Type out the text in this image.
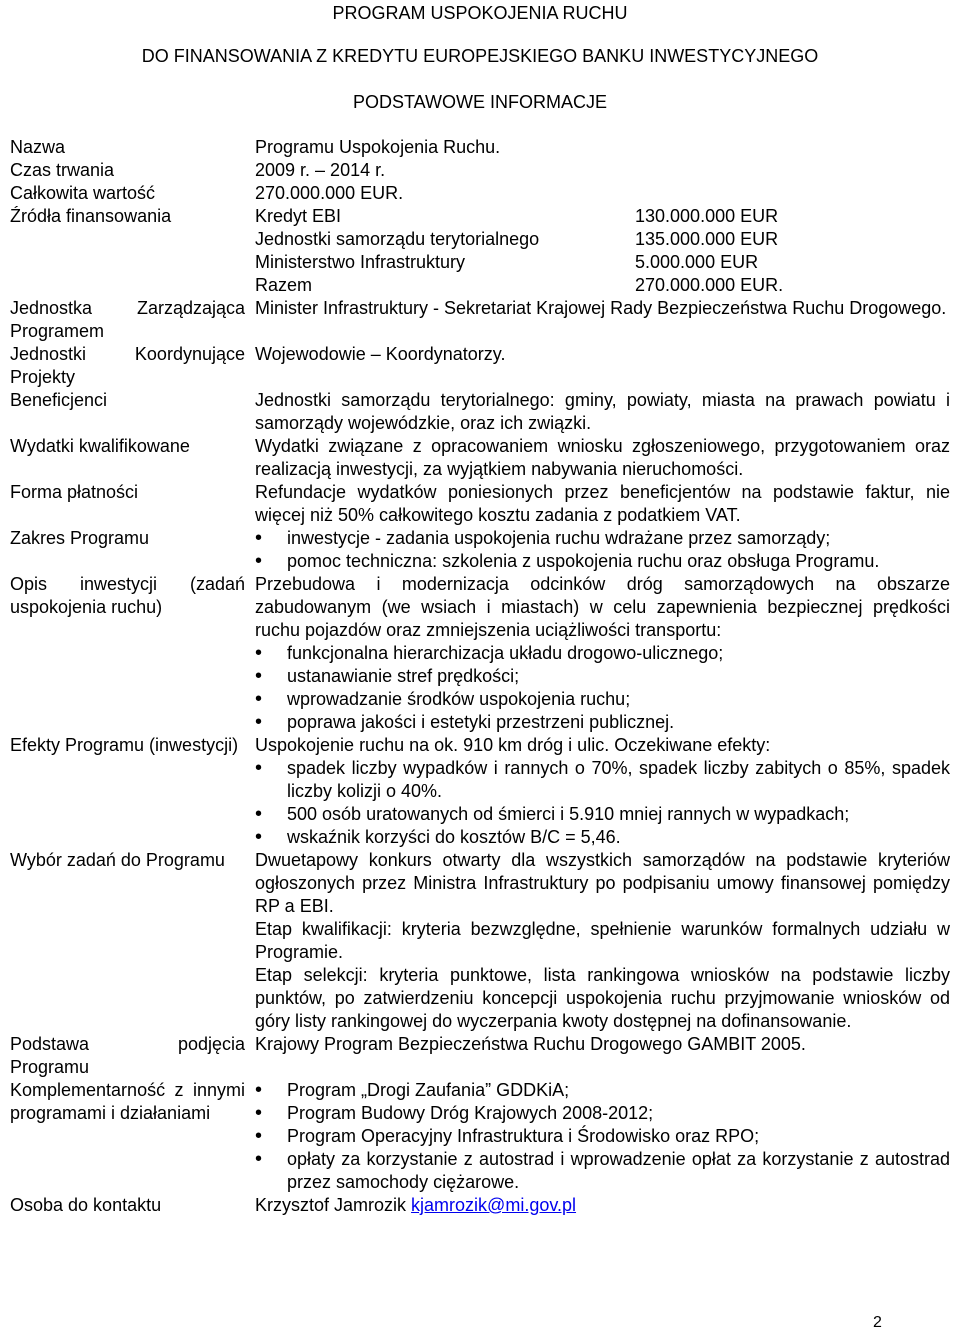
PROGRAM USPOKOJENIA RUCHU
DO FINANSOWANIA Z KREDYTU EUROPEJSKIEGO BANKU INWESTYCYJNEGO
PODSTAWOWE INFORMACJE
Nazwa	Programu Uspokojenia Ruchu.
Czas trwania	2009 r. – 2014 r.
Całkowita wartość	270.000.000 EUR.
Źródła finansowania	Kredyt EBI	130.000.000 EUR
Jednostki samorządu terytorialnego	135.000.000 EUR
Ministerstwo Infrastruktury	5.000.000 EUR
Razem	270.000.000 EUR.
Jednostka Zarządzająca Programem
Minister Infrastruktury - Sekretariat Krajowej Rady Bezpieczeństwa Ruchu Drogowego.
Jednostki Koordynujące Projekty
Wojewodowie – Koordynatorzy.
Beneficjenci	Jednostki samorządu terytorialnego: gminy, powiaty, miasta na prawach powiatu i samorządy wojewódzkie, oraz ich związki.
Wydatki kwalifikowane	Wydatki związane z opracowaniem wniosku zgłoszeniowego, przygotowaniem oraz realizacją inwestycji, za wyjątkiem nabywania nieruchomości.
Forma płatności	Refundacje wydatków poniesionych przez beneficjentów na podstawie faktur, nie więcej niż 50% całkowitego kosztu zadania z podatkiem VAT.
Zakres Programu
•	inwestycje - zadania uspokojenia ruchu wdrażane przez samorządy;
• pomoc techniczna: szkolenia z uspokojenia ruchu oraz obsługa Programu.
Opis inwestycji (zadań uspokojenia ruchu)
Przebudowa i modernizacja odcinków dróg samorządowych na obszarze zabudowanym (we wsiach i miastach) w celu zapewnienia bezpiecznej prędkości ruchu pojazdów oraz zmniejszenia uciążliwości transportu:
• funkcjonalna hierarchizacja układu drogowo-ulicznego;
• ustanawianie stref prędkości;
• wprowadzanie środków uspokojenia ruchu;
• poprawa jakości i estetyki przestrzeni publicznej.
Efekty Programu (inwestycji) Uspokojenie ruchu na ok. 910 km dróg i ulic. Oczekiwane efekty:
• spadek liczby wypadków i rannych o 70%, spadek liczby zabitych o 85%, spadek liczby kolizji o 40%.
• 500 osób uratowanych od śmierci i 5.910 mniej rannych w wypadkach;
• wskaźnik korzyści do kosztów B/C = 5,46.
Wybór zadań do Programu	Dwuetapowy konkurs otwarty dla wszystkich samorządów na podstawie kryteriów ogłoszonych przez Ministra Infrastruktury po podpisaniu umowy finansowej pomiędzy RP a EBI.
Etap kwalifikacji: kryteria bezwzględne, spełnienie warunków formalnych udziału w Programie.
Etap selekcji: kryteria punktowe, lista rankingowa wniosków na podstawie liczby punktów, po zatwierdzeniu koncepcji uspokojenia ruchu przyjmowanie wniosków od góry listy rankingowej do wyczerpania kwoty dostępnej na dofinansowanie.
Podstawa podjęcia Programu
Krajowy Program Bezpieczeństwa Ruchu Drogowego GAMBIT 2005.
Komplementarność z innymi programami i działaniami
• Program „Drogi Zaufania” GDDKiA;
• Program Budowy Dróg Krajowych 2008-2012;
• Program Operacyjny Infrastruktura i Środowisko oraz RPO;
• opłaty za korzystanie z autostrad i wprowadzenie opłat za korzystanie z autostrad przez samochody ciężarowe.
Osoba do kontaktu	Krzysztof Jamrozik kjamrozik@mi.gov.pl
2
